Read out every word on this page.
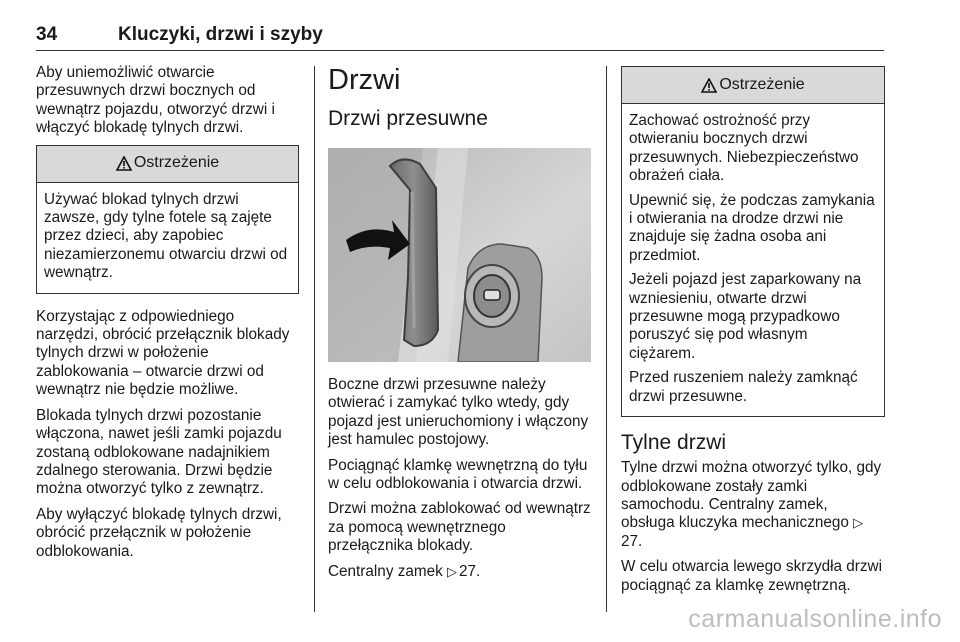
34	Kluczyki, drzwi i szyby

Aby uniemożliwić otwarcie przesuwnych drzwi bocznych od wewnątrz pojazdu, otworzyć drzwi i włączyć blokadę tylnych drzwi.

Ostrzeżenie

Używać blokad tylnych drzwi zawsze, gdy tylne fotele są zajęte przez dzieci, aby zapobiec niezamierzonemu otwarciu drzwi od wewnątrz.

Korzystając z odpowiedniego narzędzi, obrócić przełącznik blokady tylnych drzwi w położenie zablokowania – otwarcie drzwi od wewnątrz nie będzie możliwe.

Blokada tylnych drzwi pozostanie włączona, nawet jeśli zamki pojazdu zostaną odblokowane nadajnikiem zdalnego sterowania. Drzwi będzie można otworzyć tylko z zewnątrz.

Aby wyłączyć blokadę tylnych drzwi, obrócić przełącznik w położenie odblokowania.

Drzwi
Drzwi przesuwne

Boczne drzwi przesuwne należy otwierać i zamykać tylko wtedy, gdy pojazd jest unieruchomiony i włączony jest hamulec postojowy.

Pociągnąć klamkę wewnętrzną do tyłu w celu odblokowania i otwarcia drzwi.

Drzwi można zablokować od wewnątrz za pomocą wewnętrznego przełącznika blokady.

Centralny zamek ▷ 27.

Ostrzeżenie

Zachować ostrożność przy otwieraniu bocznych drzwi przesuwnych. Niebezpieczeństwo obrażeń ciała.

Upewnić się, że podczas zamykania i otwierania na drodze drzwi nie znajduje się żadna osoba ani przedmiot.

Jeżeli pojazd jest zaparkowany na wzniesieniu, otwarte drzwi przesuwne mogą przypadkowo poruszyć się pod własnym ciężarem.

Przed ruszeniem należy zamknąć drzwi przesuwne.

Tylne drzwi

Tylne drzwi można otworzyć tylko, gdy odblokowane zostały zamki samochodu. Centralny zamek, obsługa kluczyka mechanicznego ▷27.

W celu otwarcia lewego skrzydła drzwi pociągnąć za klamkę zewnętrzną.

carmanualsonline.info
